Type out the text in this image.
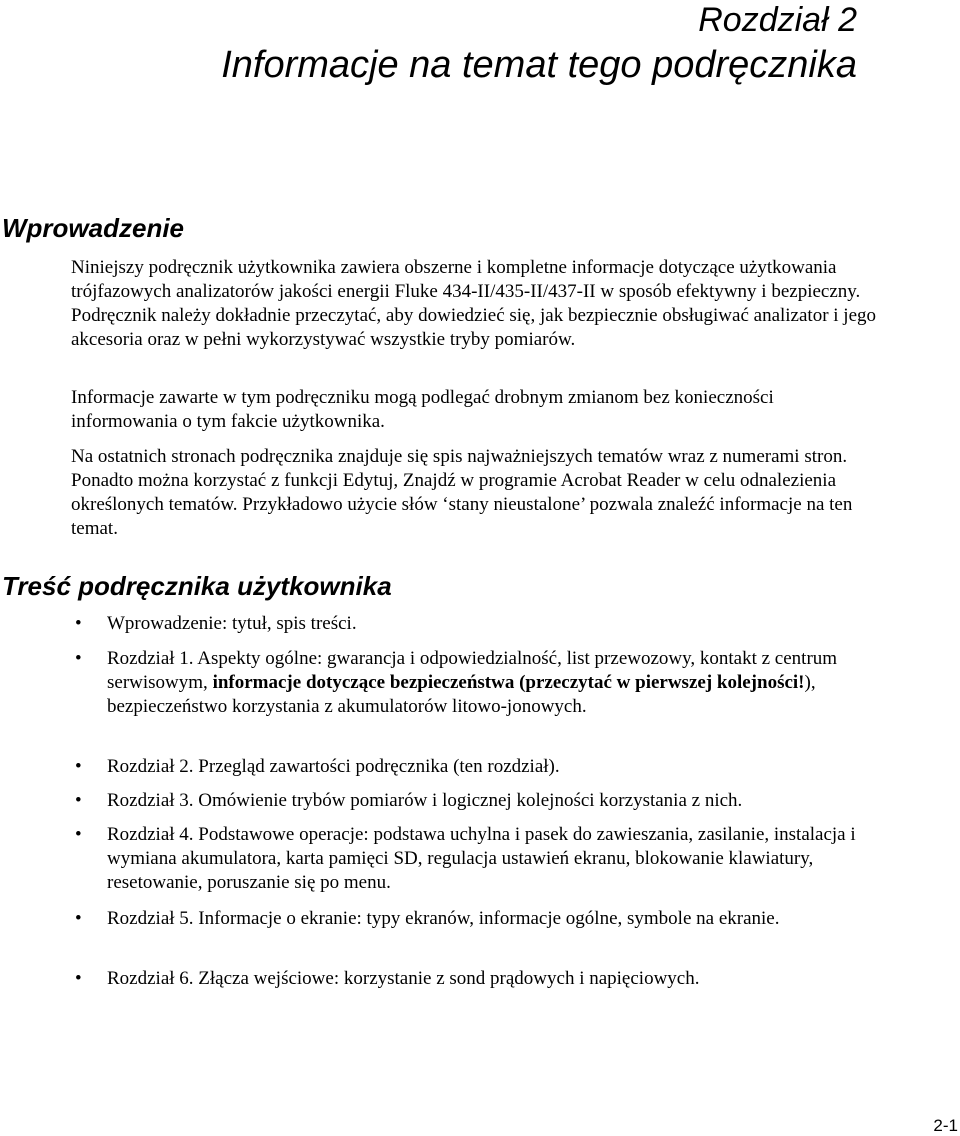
Rozdział 2
Informacje na temat tego podręcznika
Wprowadzenie

Niniejszy podręcznik użytkownika zawiera obszerne i kompletne informacje dotyczące użytkowania trójfazowych analizatorów jakości energii Fluke 434-II/435-II/437-II w sposób efektywny i bezpieczny. Podręcznik należy dokładnie przeczytać, aby dowiedzieć się, jak bezpiecznie obsługiwać analizator i jego akcesoria oraz w pełni wykorzystywać wszystkie tryby pomiarów.

Informacje zawarte w tym podręczniku mogą podlegać drobnym zmianom bez konieczności informowania o tym fakcie użytkownika.

Na ostatnich stronach podręcznika znajduje się spis najważniejszych tematów wraz z numerami stron. Ponadto można korzystać z funkcji Edytuj, Znajdź w programie Acrobat Reader w celu odnalezienia określonych tematów. Przykładowo użycie słów ‘stany nieustalone’ pozwala znaleźć informacje na ten temat.

Treść podręcznika użytkownika
• Wprowadzenie: tytuł, spis treści.
• Rozdział 1. Aspekty ogólne: gwarancja i odpowiedzialność, list przewozowy, kontakt z centrum serwisowym, informacje dotyczące bezpieczeństwa (przeczytać w pierwszej kolejności!), bezpieczeństwo korzystania z akumulatorów litowo-jonowych.
• Rozdział 2. Przegląd zawartości podręcznika (ten rozdział).
• Rozdział 3. Omówienie trybów pomiarów i logicznej kolejności korzystania z nich.
• Rozdział 4. Podstawowe operacje: podstawa uchylna i pasek do zawieszania, zasilanie, instalacja i wymiana akumulatora, karta pamięci SD, regulacja ustawień ekranu, blokowanie klawiatury, resetowanie, poruszanie się po menu.
• Rozdział 5. Informacje o ekranie: typy ekranów, informacje ogólne, symbole na ekranie.
• Rozdział 6. Złącza wejściowe: korzystanie z sond prądowych i napięciowych.
2-1
